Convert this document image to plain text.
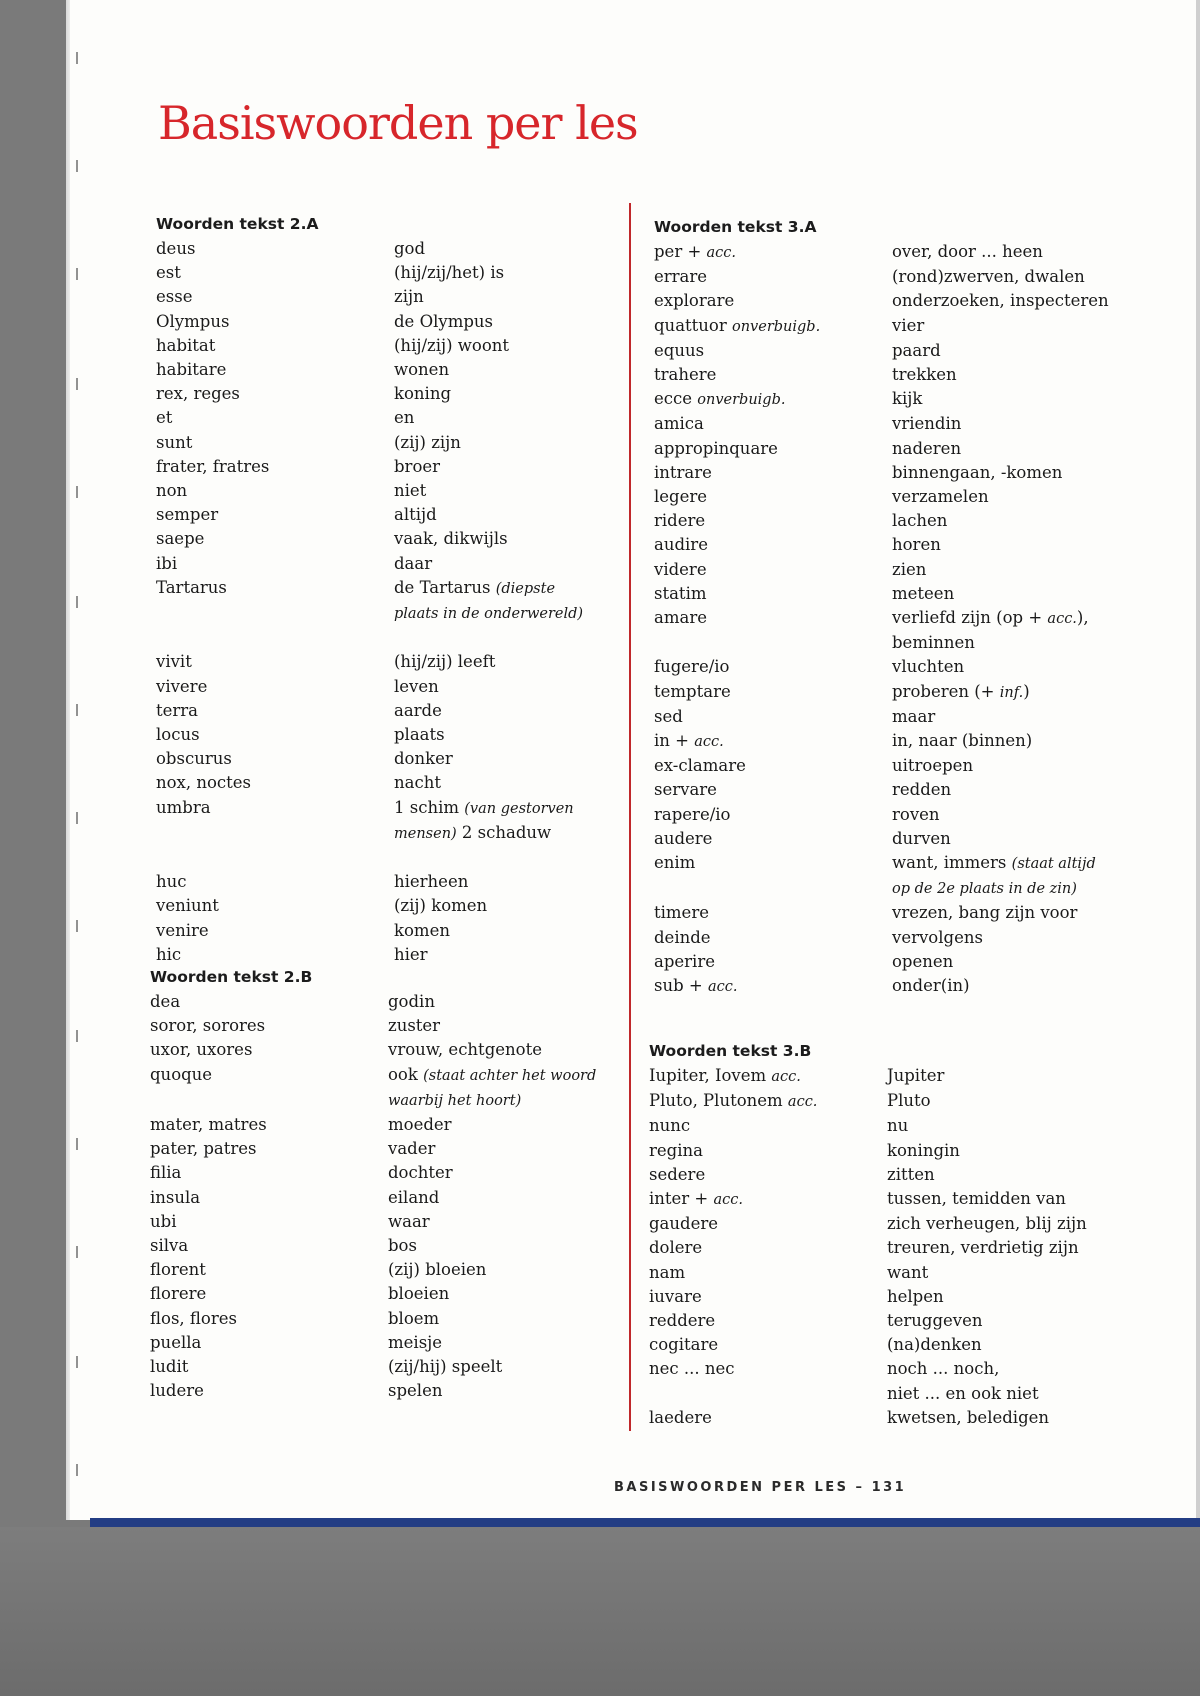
Basiswoorden per les
Woorden tekst 2.A
deus	god
est	(hij/zij/het) is
esse	zijn
Olympus	de Olympus
habitat	(hij/zij) woont
habitare	wonen
rex, reges	koning
et	en
sunt	(zij) zijn
frater, fratres	broer
non	niet
semper	altijd
saepe	vaak, dikwijls
ibi	daar
Tartarus	de Tartarus (diepste
plaats in de onderwereld)
vivit	(hij/zij) leeft
vivere	leven
terra	aarde
locus	plaats
obscurus	donker
nox, noctes	nacht
umbra	1 schim (van gestorven
mensen) 2 schaduw
huc	hierheen
veniunt	(zij) komen
venire	komen
hic	hier
Woorden tekst 2.B
dea	godin
soror, sorores	zuster
uxor, uxores	vrouw, echtgenote
quoque	ook (staat achter het woord
waarbij het hoort)
mater, matres	moeder
pater, patres	vader
filia	dochter
insula	eiland
ubi	waar
silva	bos
florent	(zij) bloeien
florere	bloeien
flos, flores	bloem
puella	meisje
ludit	(zij/hij) speelt
ludere	spelen
Woorden tekst 3.A
per + acc.	over, door ... heen
errare	(rond)zwerven, dwalen
explorare	onderzoeken, inspecteren
quattuor onverbuigb.	vier
equus	paard
trahere	trekken
ecce onverbuigb.	kijk
amica	vriendin
appropinquare	naderen
intrare	binnengaan, -komen
legere	verzamelen
ridere	lachen
audire	horen
videre	zien
statim	meteen
amare	verliefd zijn (op + acc.),
beminnen
fugere/io	vluchten
temptare	proberen (+ inf.)
sed	maar
in + acc.	in, naar (binnen)
ex-clamare	uitroepen
servare	redden
rapere/io	roven
audere	durven
enim	want, immers (staat altijd
op de 2e plaats in de zin)
timere	vrezen, bang zijn voor
deinde	vervolgens
aperire	openen
sub + acc.	onder(in)
Woorden tekst 3.B
Iupiter, Iovem acc.	Jupiter
Pluto, Plutonem acc.	Pluto
nunc	nu
regina	koningin
sedere	zitten
inter + acc.	tussen, temidden van
gaudere	zich verheugen, blij zijn
dolere	treuren, verdrietig zijn
nam	want
iuvare	helpen
reddere	teruggeven
cogitare	(na)denken
nec ... nec	noch ... noch,
niet ... en ook niet
laedere	kwetsen, beledigen
BASISWOORDEN PER LES – 131
